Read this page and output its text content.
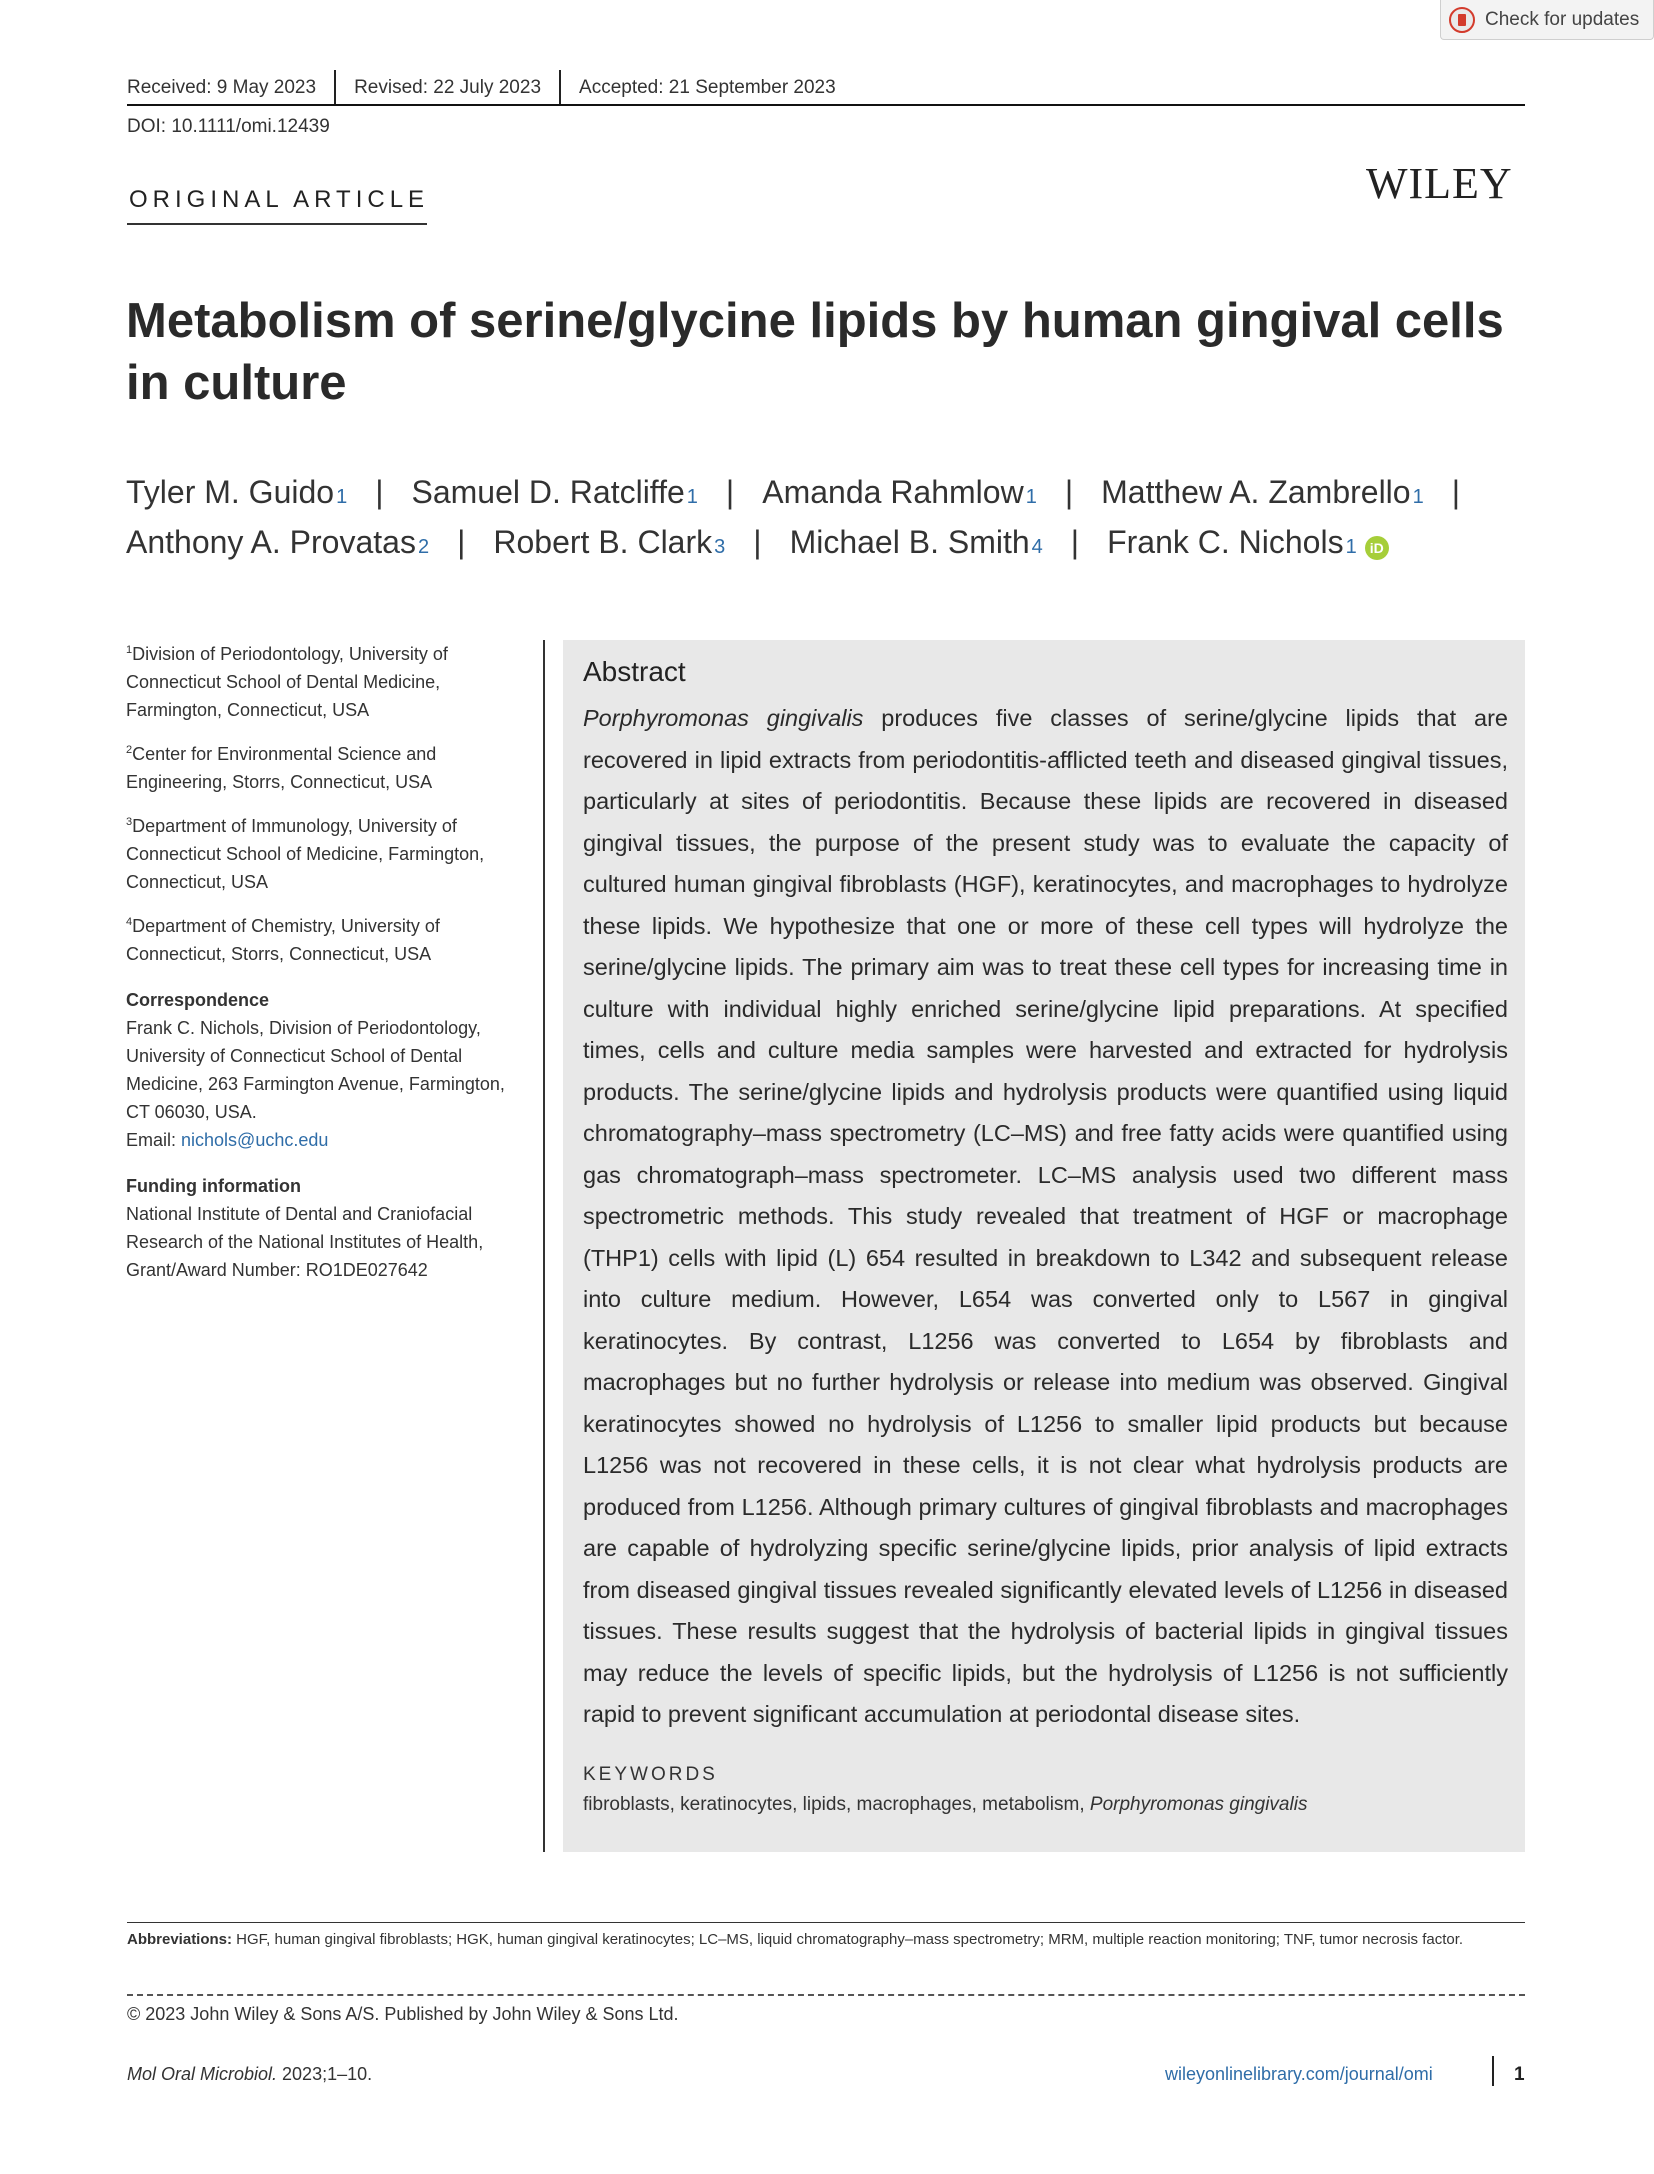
Check for updates
Received: 9 May 2023	Revised: 22 July 2023	Accepted: 21 September 2023
DOI: 10.1111/omi.12439
ORIGINAL ARTICLE	WILEY
Metabolism of serine/glycine lipids by human gingival cells in culture
Tyler M. Guido 1 | Samuel D. Ratcliffe 1 | Amanda Rahmlow 1 | Matthew A. Zambrello 1 |
Anthony A. Provatas 2 | Robert B. Clark 3 | Michael B. Smith 4 | Frank C. Nichols 1 iD
$^1$Division of Periodontology, University of Connecticut School of Dental Medicine, Farmington, Connecticut, USA
$^2$Center for Environmental Science and Engineering, Storrs, Connecticut, USA
$^3$Department of Immunology, University of Connecticut School of Medicine, Farmington, Connecticut, USA
$^4$Department of Chemistry, University of Connecticut, Storrs, Connecticut, USA
Correspondence
Frank C. Nichols, Division of Periodontology, University of Connecticut School of Dental Medicine, 263 Farmington Avenue, Farmington, CT 06030, USA.
Email: nichols@uchc.edu
Funding information
National Institute of Dental and Craniofacial Research of the National Institutes of Health, Grant/Award Number: RO1DE027642
Abstract
Porphyromonas gingivalis produces five classes of serine/glycine lipids that are recovered in lipid extracts from periodontitis-afflicted teeth and diseased gingival tissues, particularly at sites of periodontitis. Because these lipids are recovered in diseased gingival tissues, the purpose of the present study was to evaluate the capacity of cultured human gingival fibroblasts (HGF), keratinocytes, and macrophages to hydrolyze these lipids. We hypothesize that one or more of these cell types will hydrolyze the serine/glycine lipids. The primary aim was to treat these cell types for increasing time in culture with individual highly enriched serine/glycine lipid preparations. At specified times, cells and culture media samples were harvested and extracted for hydrolysis products. The serine/glycine lipids and hydrolysis products were quantified using liquid chromatography–mass spectrometry (LC–MS) and free fatty acids were quantified using gas chromatograph–mass spectrometer. LC–MS analysis used two different mass spectrometric methods. This study revealed that treatment of HGF or macrophage (THP1) cells with lipid (L) 654 resulted in breakdown to L342 and subsequent release into culture medium. However, L654 was converted only to L567 in gingival keratinocytes. By contrast, L1256 was converted to L654 by fibroblasts and macrophages but no further hydrolysis or release into medium was observed. Gingival keratinocytes showed no hydrolysis of L1256 to smaller lipid products but because L1256 was not recovered in these cells, it is not clear what hydrolysis products are produced from L1256. Although primary cultures of gingival fibroblasts and macrophages are capable of hydrolyzing specific serine/glycine lipids, prior analysis of lipid extracts from diseased gingival tissues revealed significantly elevated levels of L1256 in diseased tissues. These results suggest that the hydrolysis of bacterial lipids in gingival tissues may reduce the levels of specific lipids, but the hydrolysis of L1256 is not sufficiently rapid to prevent significant accumulation at periodontal disease sites.
KEYWORDS
fibroblasts, keratinocytes, lipids, macrophages, metabolism, Porphyromonas gingivalis
Abbreviations: HGF, human gingival fibroblasts; HGK, human gingival keratinocytes; LC–MS, liquid chromatography–mass spectrometry; MRM, multiple reaction monitoring; TNF, tumor necrosis factor.
© 2023 John Wiley & Sons A/S. Published by John Wiley & Sons Ltd.
Mol Oral Microbiol. 2023;1–10.	wileyonlinelibrary.com/journal/omi	1
